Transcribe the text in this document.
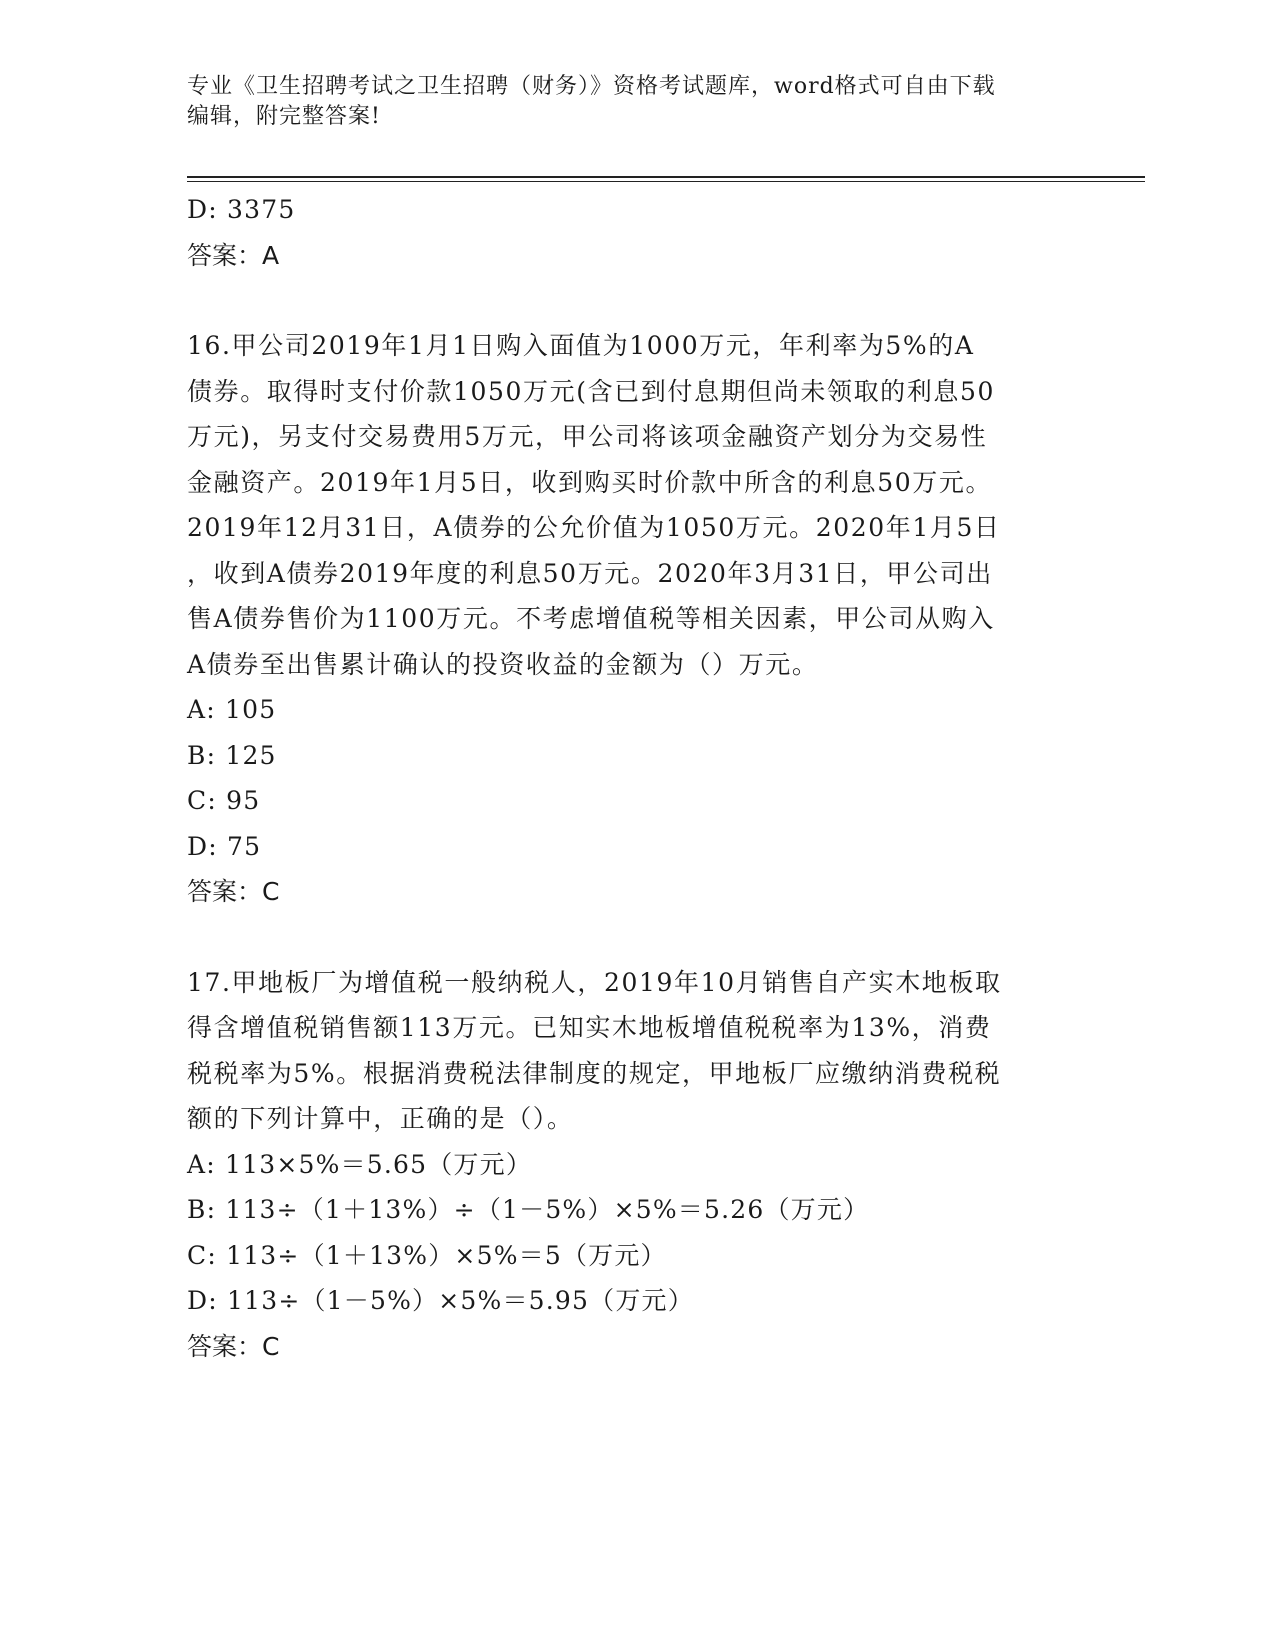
专业《卫生招聘考试之卫生招聘（财务）》资格考试题库，word格式可自由下载
编辑，附完整答案!
D: 3375
答案：A
16.甲公司2019年1月1日购入面值为1000万元，年利率为5%的A
债券。取得时支付价款1050万元(含已到付息期但尚未领取的利息50
万元)，另支付交易费用5万元，甲公司将该项金融资产划分为交易性
金融资产。2019年1月5日，收到购买时价款中所含的利息50万元。
2019年12月31日，A债券的公允价值为1050万元。2020年1月5日
，收到A债券2019年度的利息50万元。2020年3月31日，甲公司出
售A债券售价为1100万元。不考虑增值税等相关因素，甲公司从购入
A债券至出售累计确认的投资收益的金额为（）万元。
A: 105
B: 125
C: 95
D: 75
答案：C
17.甲地板厂为增值税一般纳税人，2019年10月销售自产实木地板取
得含增值税销售额113万元。已知实木地板增值税税率为13%，消费
税税率为5%。根据消费税法律制度的规定，甲地板厂应缴纳消费税税
额的下列计算中，正确的是（）。
A: 113×5%＝5.65（万元）
B: 113÷（1＋13%）÷（1－5%）×5%＝5.26（万元）
C: 113÷（1＋13%）×5%＝5（万元）
D: 113÷（1－5%）×5%＝5.95（万元）
答案：C
